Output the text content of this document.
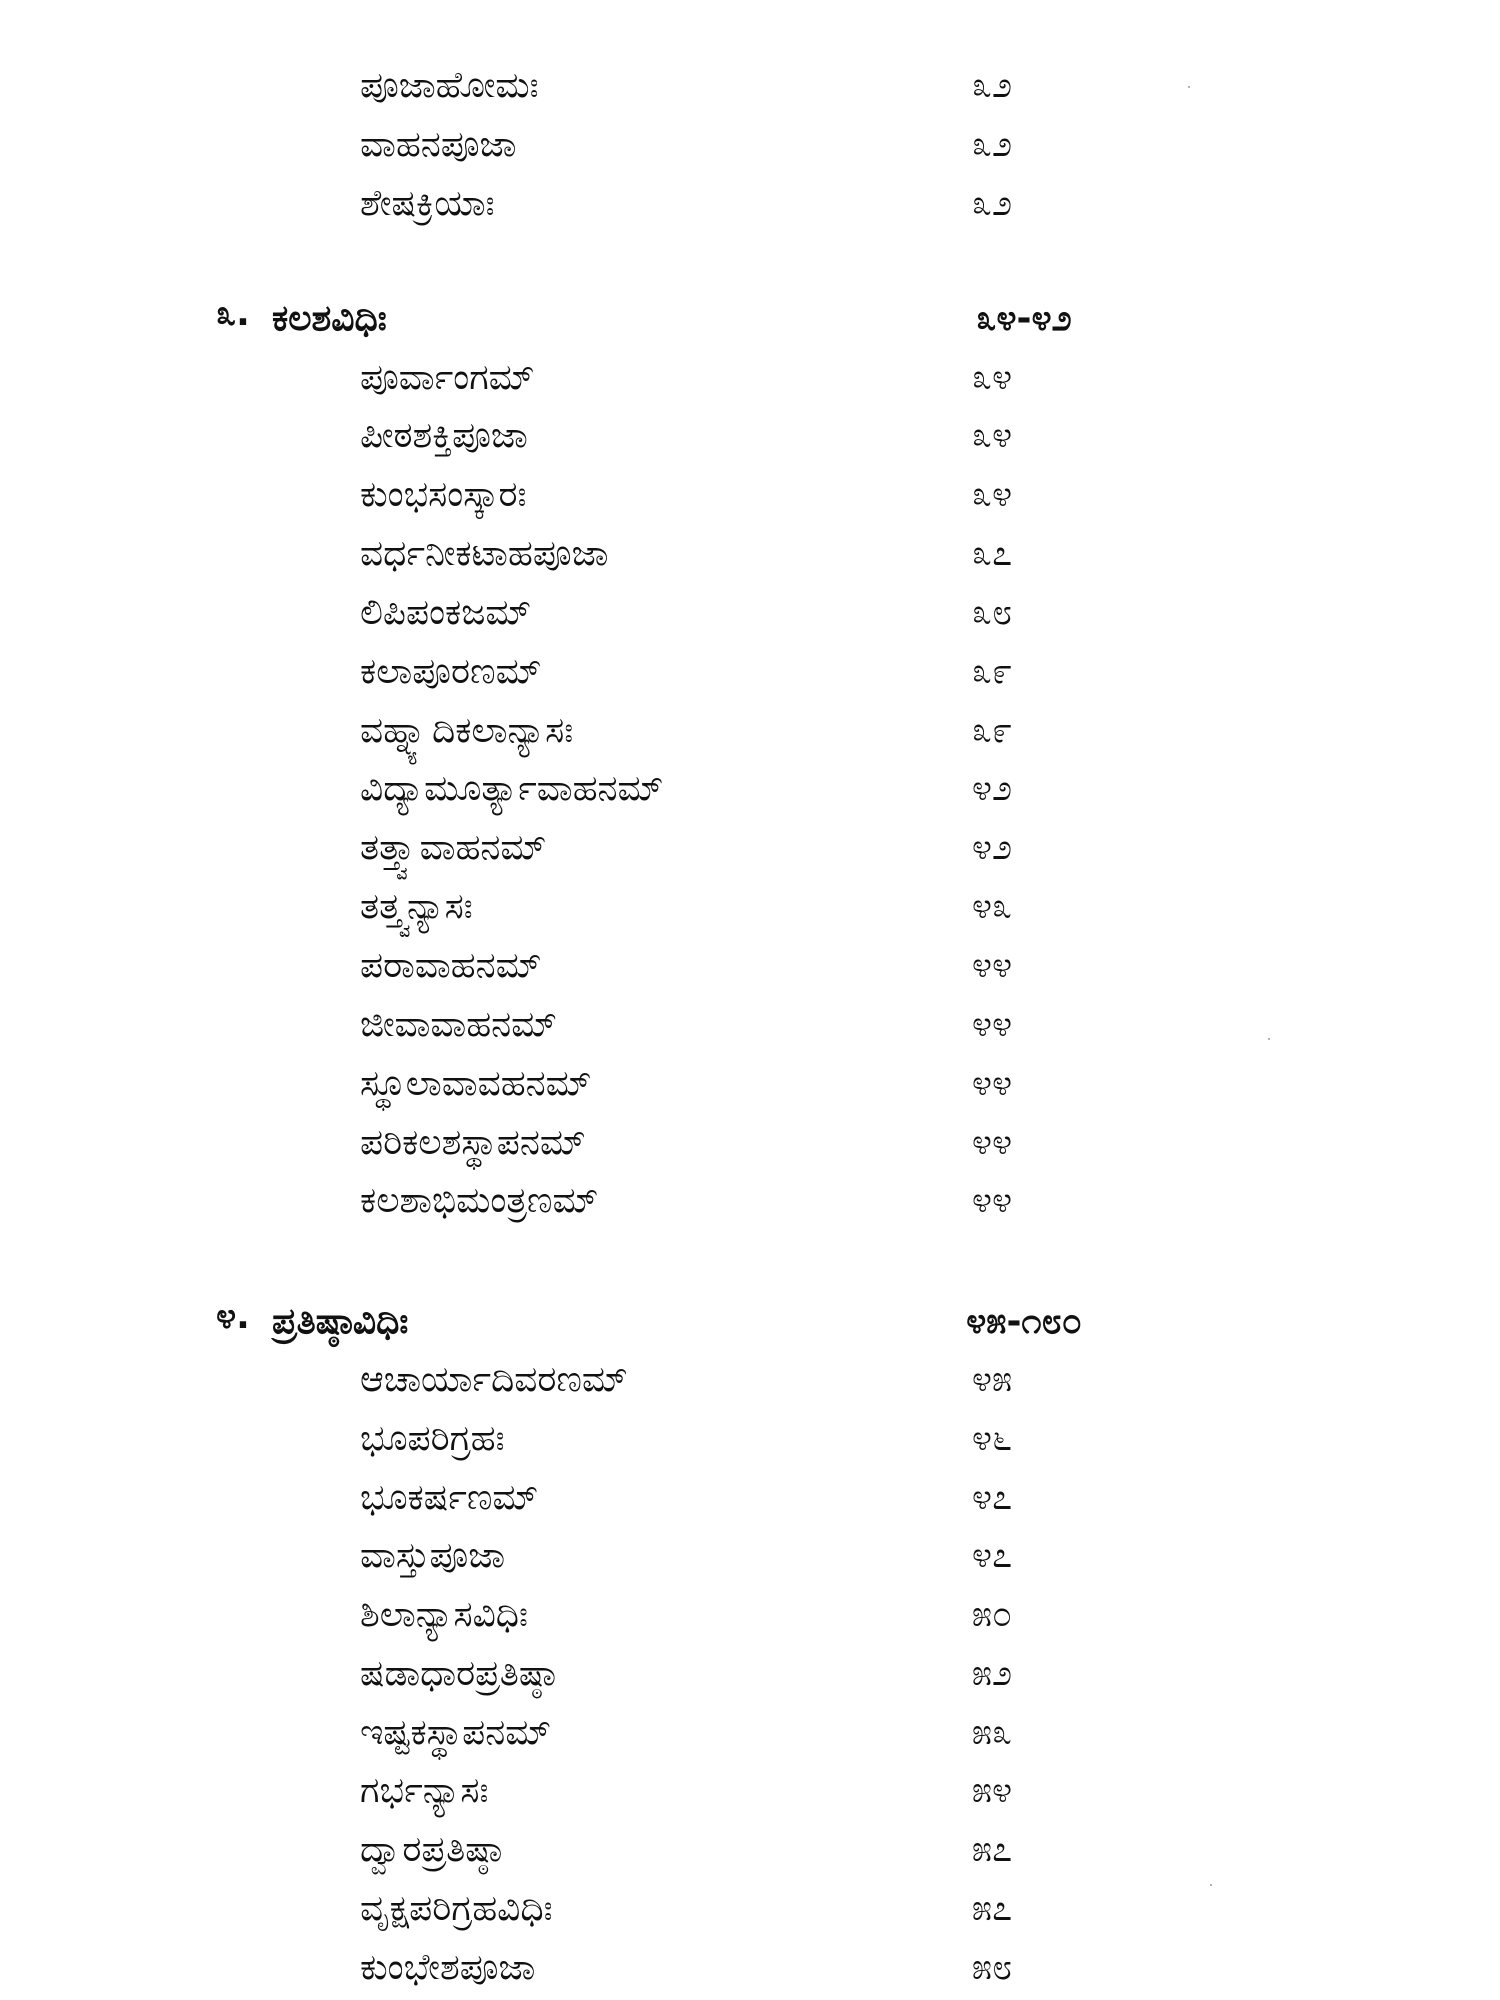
ಪೂಜಾಹೋಮಃ	೩೨
ವಾಹನಪೂಜಾ	೩೨
ಶೇಷಕ್ರಿಯಾಃ	೩೨
೩. ಕಲಶವಿಧಿಃ	೩೪-೪೨
ಪೂರ್ವಾಂಗಮ್	೩೪
ಪೀಠಶಕ್ತಿಪೂಜಾ	೩೪
ಕುಂಭಸಂಸ್ಕಾರಃ	೩೪
ವರ್ಧನೀಕಟಾಹಪೂಜಾ	೩೭
ಲಿಪಿಪಂಕಜಮ್	೩೮
ಕಲಾಪೂರಣಮ್	೩೯
ವಹ್ನ್ಯಾದಿಕಲಾನ್ಯಾಸಃ	೩೯
ವಿದ್ಯಾಮೂರ್ತ್ಯಾವಾಹನಮ್	೪೨
ತತ್ತ್ವಾವಾಹನಮ್	೪೨
ತತ್ತ್ವನ್ಯಾಸಃ	೪೩
ಪರಾವಾಹನಮ್	೪೪
ಜೀವಾವಾಹನಮ್	೪೪
ಸ್ಥೂಲಾವಾವಹನಮ್	೪೪
ಪರಿಕಲಶಸ್ಥಾಪನಮ್	೪೪
ಕಲಶಾಭಿಮಂತ್ರಣಮ್	೪೪
೪. ಪ್ರತಿಷ್ಠಾವಿಧಿಃ	೪೫-೧೮೦
ಆಚಾರ್ಯಾದಿವರಣಮ್	೪೫
ಭೂಪರಿಗ್ರಹಃ	೪೬
ಭೂಕರ್ಷಣಮ್	೪೭
ವಾಸ್ತುಪೂಜಾ	೪೭
ಶಿಲಾನ್ಯಾಸವಿಧಿಃ	೫೦
ಷಡಾಧಾರಪ್ರತಿಷ್ಠಾ	೫೨
ಇಷ್ಟಕಸ್ಥಾಪನಮ್	೫೩
ಗರ್ಭನ್ಯಾಸಃ	೫೪
ದ್ವಾರಪ್ರತಿಷ್ಠಾ	೫೭
ವೃಕ್ಷಪರಿಗ್ರಹವಿಧಿಃ	೫೭
ಕುಂಭೇಶಪೂಜಾ	೫೮
